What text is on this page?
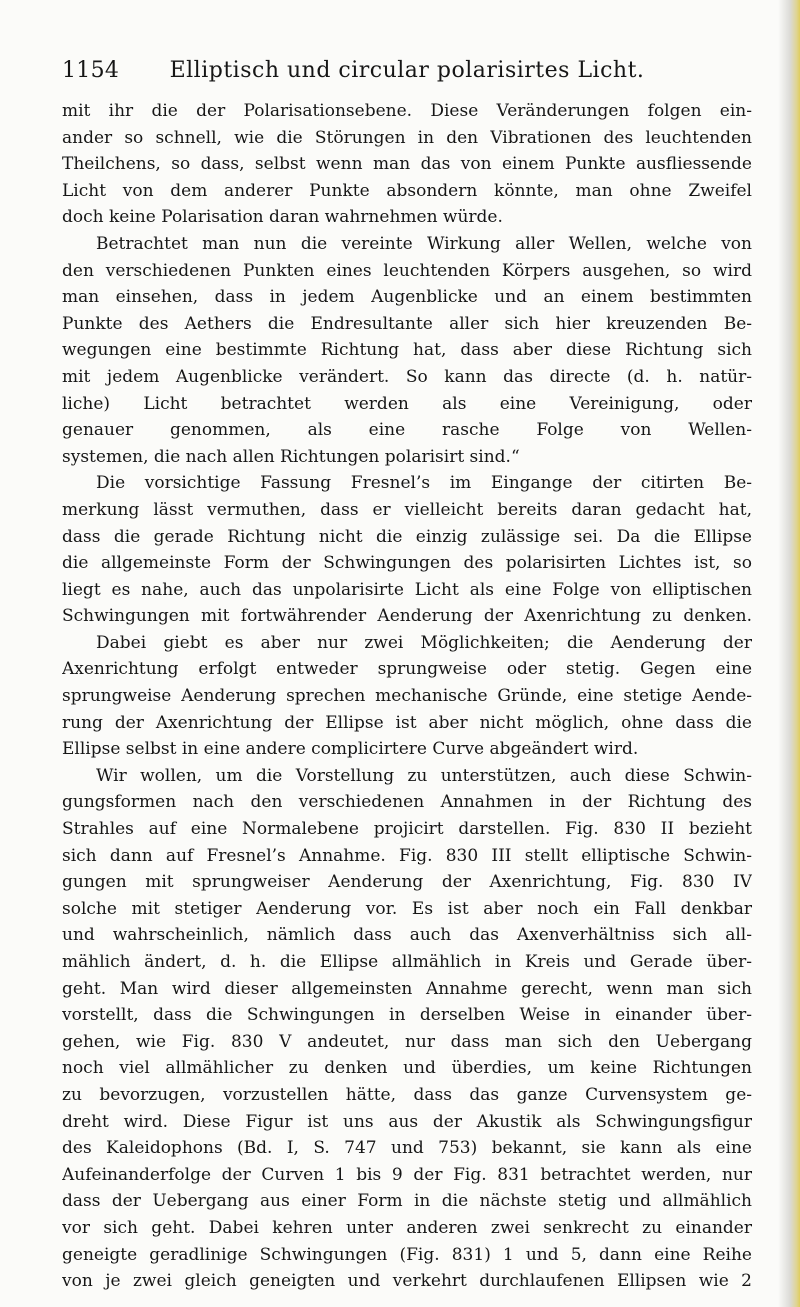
1154	Elliptisch und circular polarisirtes Licht.
mit ihr die der Polarisationsebene. Diese Veränderungen folgen ein-
ander so schnell, wie die Störungen in den Vibrationen des leuchtenden
Theilchens, so dass, selbst wenn man das von einem Punkte ausfliessende
Licht von dem anderer Punkte absondern könnte, man ohne Zweifel
doch keine Polarisation daran wahrnehmen würde.
Betrachtet man nun die vereinte Wirkung aller Wellen, welche von
den verschiedenen Punkten eines leuchtenden Körpers ausgehen, so wird
man einsehen, dass in jedem Augenblicke und an einem bestimmten
Punkte des Aethers die Endresultante aller sich hier kreuzenden Be-
wegungen eine bestimmte Richtung hat, dass aber diese Richtung sich
mit jedem Augenblicke verändert. So kann das directe (d. h. natür-
liche) Licht betrachtet werden als eine Vereinigung, oder
genauer genommen, als eine rasche Folge von Wellen-
systemen, die nach allen Richtungen polarisirt sind.“
Die vorsichtige Fassung Fresnel’s im Eingange der citirten Be-
merkung lässt vermuthen, dass er vielleicht bereits daran gedacht hat,
dass die gerade Richtung nicht die einzig zulässige sei. Da die Ellipse
die allgemeinste Form der Schwingungen des polarisirten Lichtes ist, so
liegt es nahe, auch das unpolarisirte Licht als eine Folge von elliptischen
Schwingungen mit fortwährender Aenderung der Axenrichtung zu denken.
Dabei giebt es aber nur zwei Möglichkeiten; die Aenderung der
Axenrichtung erfolgt entweder sprungweise oder stetig. Gegen eine
sprungweise Aenderung sprechen mechanische Gründe, eine stetige Aende-
rung der Axenrichtung der Ellipse ist aber nicht möglich, ohne dass die
Ellipse selbst in eine andere complicirtere Curve abgeändert wird.
Wir wollen, um die Vorstellung zu unterstützen, auch diese Schwin-
gungsformen nach den verschiedenen Annahmen in der Richtung des
Strahles auf eine Normalebene projicirt darstellen. Fig. 830 II bezieht
sich dann auf Fresnel’s Annahme. Fig. 830 III stellt elliptische Schwin-
gungen mit sprungweiser Aenderung der Axenrichtung, Fig. 830 IV
solche mit stetiger Aenderung vor. Es ist aber noch ein Fall denkbar
und wahrscheinlich, nämlich dass auch das Axenverhältniss sich all-
mählich ändert, d. h. die Ellipse allmählich in Kreis und Gerade über-
geht. Man wird dieser allgemeinsten Annahme gerecht, wenn man sich
vorstellt, dass die Schwingungen in derselben Weise in einander über-
gehen, wie Fig. 830 V andeutet, nur dass man sich den Uebergang
noch viel allmählicher zu denken und überdies, um keine Richtungen
zu bevorzugen, vorzustellen hätte, dass das ganze Curvensystem ge-
dreht wird. Diese Figur ist uns aus der Akustik als Schwingungsfigur
des Kaleidophons (Bd. I, S. 747 und 753) bekannt, sie kann als eine
Aufeinanderfolge der Curven 1 bis 9 der Fig. 831 betrachtet werden, nur
dass der Uebergang aus einer Form in die nächste stetig und allmählich
vor sich geht. Dabei kehren unter anderen zwei senkrecht zu einander
geneigte geradlinige Schwingungen (Fig. 831) 1 und 5, dann eine Reihe
von je zwei gleich geneigten und verkehrt durchlaufenen Ellipsen wie 2
